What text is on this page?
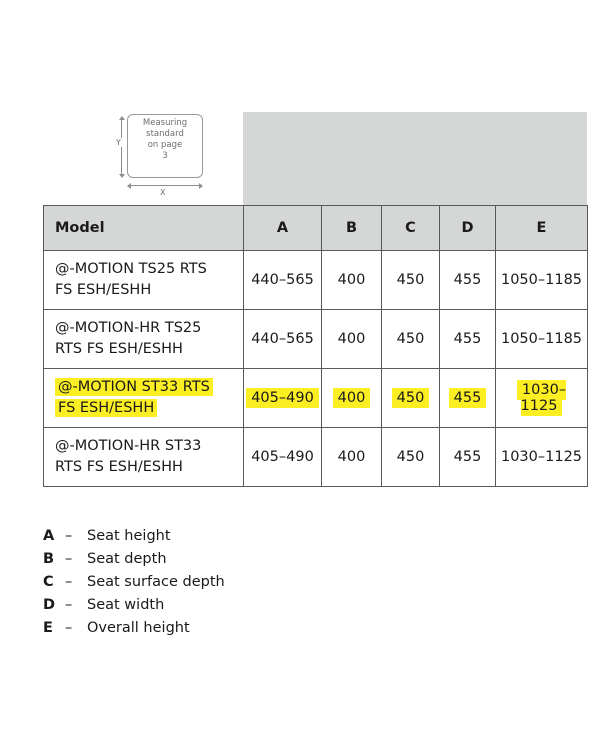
Y
Measuring
standard
on page
3
X
Model	A	B	C	D	E
@-MOTION TS25 RTS
FS ESH/ESHH	440–565	400	450	455	1050–1185
@-MOTION-HR TS25
RTS FS ESH/ESHH	440–565	400	450	455	1050–1185
@-MOTION ST33 RTS
FS ESH/ESHH	405–490	400	450	455	1030–1125
@-MOTION-HR ST33
RTS FS ESH/ESHH	405–490	400	450	455	1030–1125
A –	Seat height
B –	Seat depth
C –	Seat surface depth
D –	Seat width
E –	Overall height
